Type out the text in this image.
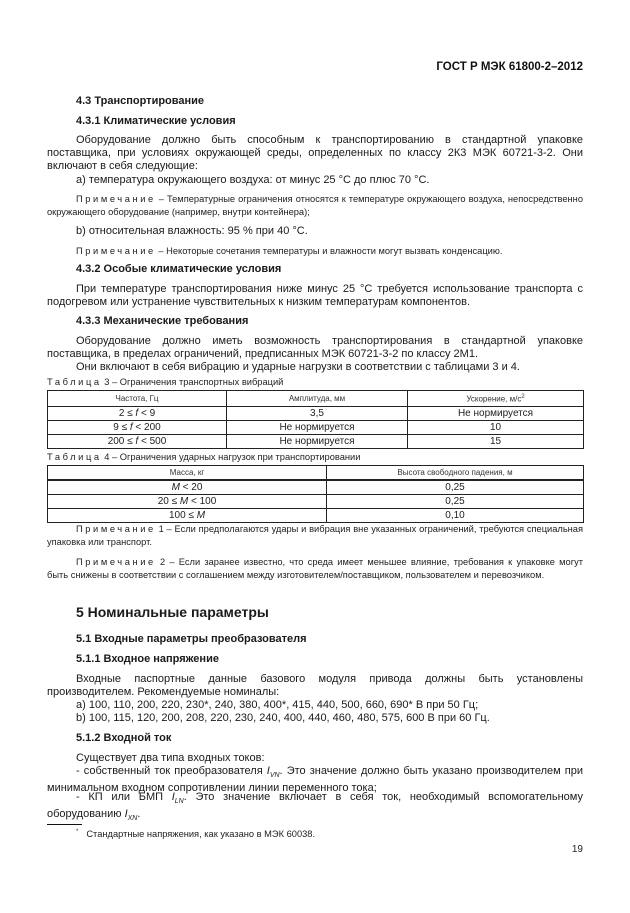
ГОСТ Р МЭК 61800-2–2012
4.3 Транспортирование
4.3.1 Климатические условия
Оборудование должно быть способным к транспортированию в стандартной упаковке поставщика, при условиях окружающей среды, определенных по классу 2К3 МЭК 60721-3-2. Они включают в себя следующие:
а) температура окружающего воздуха: от минус 25 °С до плюс 70 °С.
Примечание – Температурные ограничения относятся к температуре окружающего воздуха, непосредственно окружающего оборудование (например, внутри контейнера);
b) относительная влажность: 95 % при 40 °С.
Примечание – Некоторые сочетания температуры и влажности могут вызвать конденсацию.
4.3.2 Особые климатические условия
При температуре транспортирования ниже минус 25 °С требуется использование транспорта с подогревом или устранение чувствительных к низким температурам компонентов.
4.3.3 Механические требования
Оборудование должно иметь возможность транспортирования в стандартной упаковке поставщика, в пределах ограничений, предписанных МЭК 60721-3-2 по классу 2М1.
Они включают в себя вибрацию и ударные нагрузки в соответствии с таблицами 3 и 4.
Таблица 3 – Ограничения транспортных вибраций
Частота, Гц	Амплитуда, мм	Ускорение, $м/с^2$
2 ≤ f < 9	3,5	Не нормируется
9 ≤ f < 200	Не нормируется	10
200 ≤ f < 500	Не нормируется	15
Таблица 4 – Ограничения ударных нагрузок при транспортировании
Масса, кг	Высота свободного падения, м
M < 20	0,25
20 ≤ M < 100	0,25
100 ≤ M	0,10
Примечание 1 – Если предполагаются удары и вибрация вне указанных ограничений, требуются специальная упаковка или транспорт.
Примечание 2 – Если заранее известно, что среда имеет меньшее влияние, требования к упаковке могут быть снижены в соответствии с соглашением между изготовителем/поставщиком, пользователем и перевозчиком.
5 Номинальные параметры
5.1 Входные параметры преобразователя
5.1.1 Входное напряжение
Входные паспортные данные базового модуля привода должны быть установлены производителем. Рекомендуемые номиналы:
а) 100, 110, 200, 220, 230*, 240, 380, 400*, 415, 440, 500, 660, 690* В при 50 Гц;
b) 100, 115, 120, 200, 208, 220, 230, 240, 400, 440, 460, 480, 575, 600 В при 60 Гц.
5.1.2 Входной ток
Существует два типа входных токов:
- собственный ток преобразователя $I_{VN}$. Это значение должно быть указано производителем при минимальном входном сопротивлении линии переменного тока;
- КП или БМП $I_{LN}$. Это значение включает в себя ток, необходимый вспомогательному оборудованию $I_{XN}$.
* Стандартные напряжения, как указано в МЭК 60038.
19
